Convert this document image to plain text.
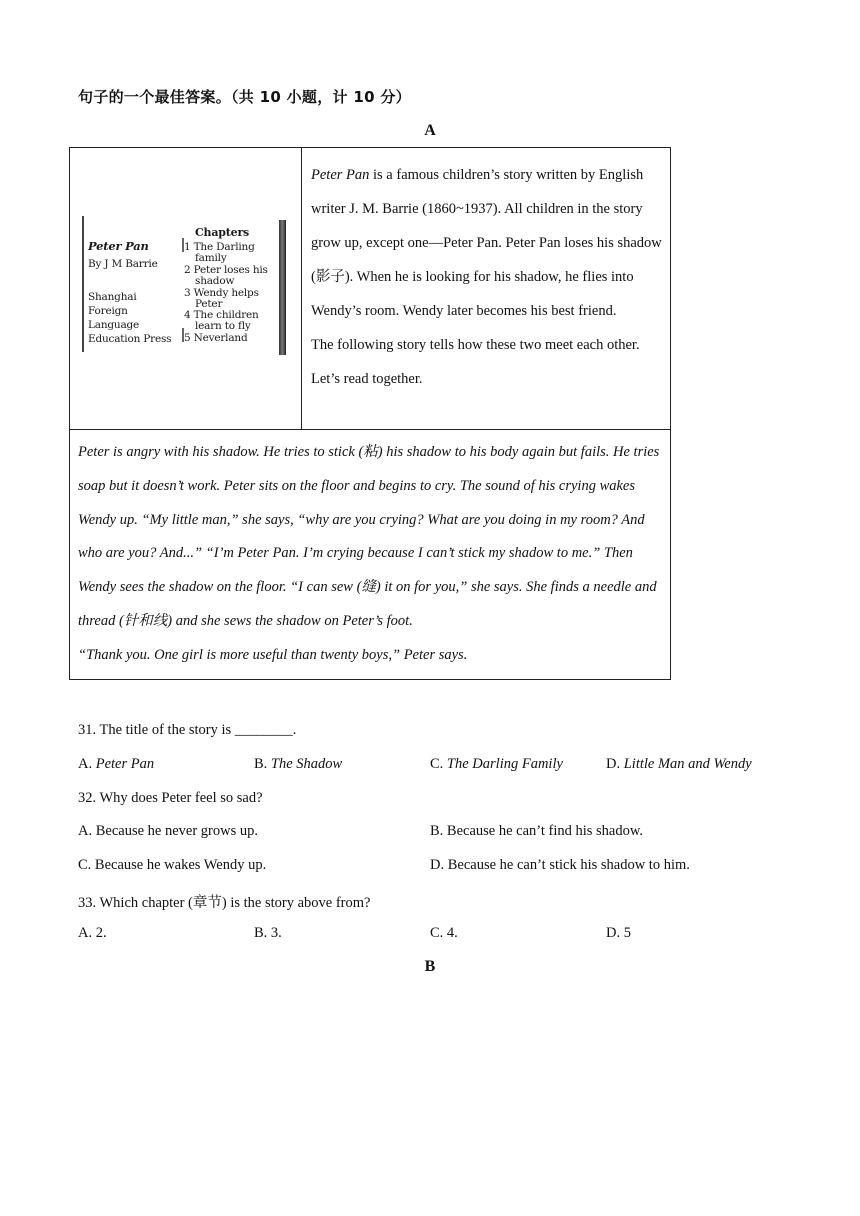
句子的一个最佳答案。（共 10 小题，计 10 分）
A
Peter Pan
By J M Barrie
Shanghai
Foreign
Language
Education Press
Chapters
1 The Darling
family
2 Peter loses his
shadow
3 Wendy helps
Peter
4 The children
learn to fly
5 Neverland

Peter Pan is a famous children’s story written by English writer J. M. Barrie (1860~1937). All children in the story grow up, except one—Peter Pan. Peter Pan loses his shadow (影子). When he is looking for his shadow, he flies into Wendy’s room. Wendy later becomes his best friend.
The following story tells how these two meet each other. Let’s read together.

Peter is angry with his shadow. He tries to stick (粘) his shadow to his body again but fails. He tries soap but it doesn’t work. Peter sits on the floor and begins to cry. The sound of his crying wakes Wendy up. “My little man,” she says, “why are you crying? What are you doing in my room? And who are you? And...” “I’m Peter Pan. I’m crying because I can’t stick my shadow to me.” Then Wendy sees the shadow on the floor. “I can sew (缝) it on for you,” she says. She finds a needle and thread (针和线) and she sews the shadow on Peter’s foot.
“Thank you. One girl is more useful than twenty boys,” Peter says.
31. The title of the story is ________.
A. Peter Pan	B. The Shadow	C. The Darling Family	D. Little Man and Wendy
32. Why does Peter feel so sad?
A. Because he never grows up.	B. Because he can’t find his shadow.
C. Because he wakes Wendy up.	D. Because he can’t stick his shadow to him.
33. Which chapter (章节) is the story above from?
A. 2.	B. 3.	C. 4.	D. 5
B
